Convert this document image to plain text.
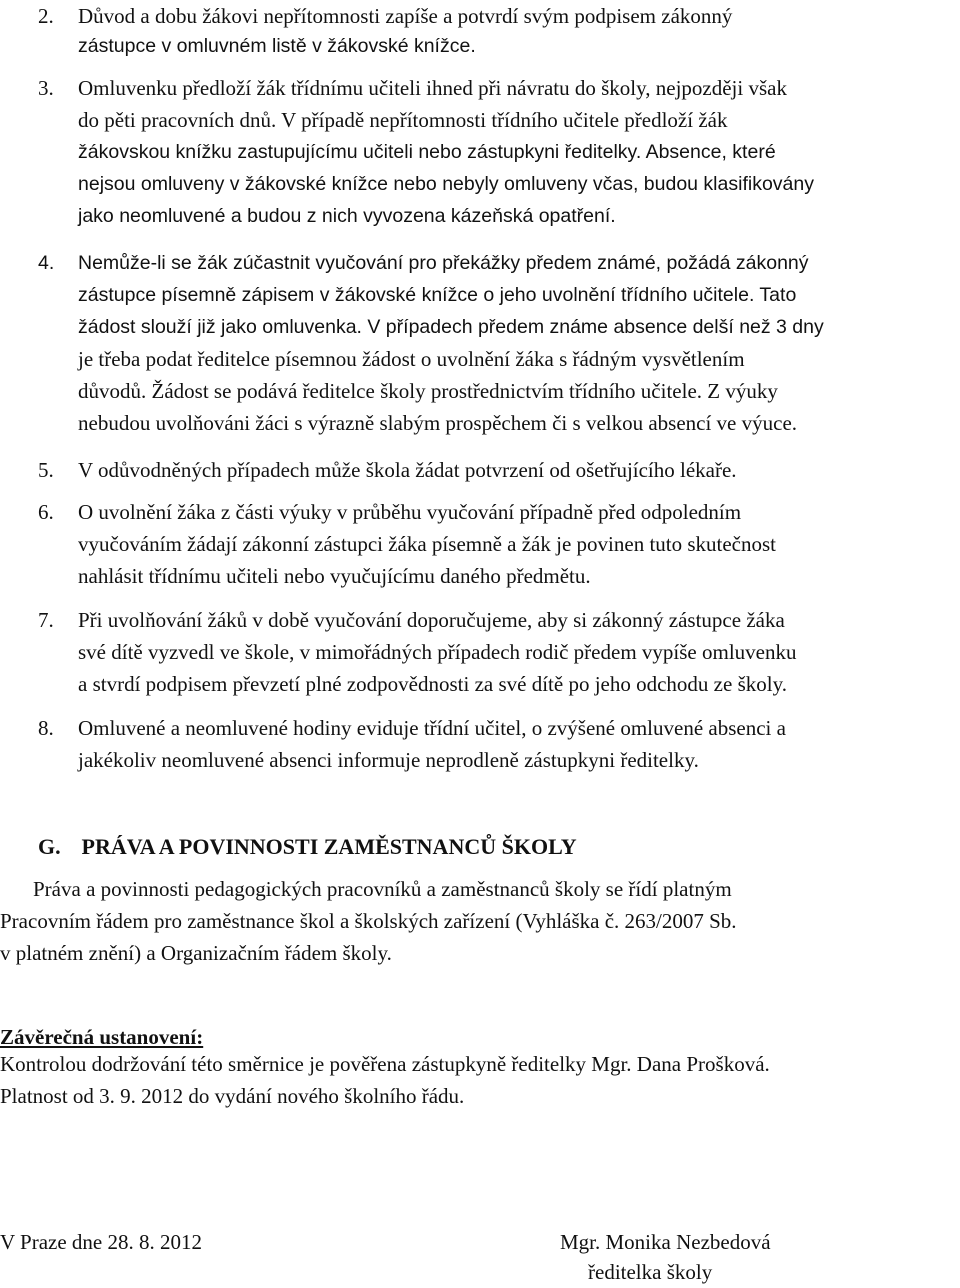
2.	Důvod a dobu žákovi nepřítomnosti zapíše a potvrdí svým podpisem zákonný
zástupce v omluvném listě v žákovské knížce.
3.	Omluvenku předloží žák třídnímu učiteli ihned při návratu do školy, nejpozději však
do pěti pracovních dnů. V případě nepřítomnosti třídního učitele předloží žák
žákovskou knížku zastupujícímu učiteli nebo zástupkyni ředitelky. Absence, které
nejsou omluveny v žákovské knížce nebo nebyly omluveny včas, budou klasifikovány
jako neomluvené a budou z nich vyvozena kázeňská opatření.
4.	Nemůže-li se žák zúčastnit vyučování pro překážky předem známé, požádá zákonný
zástupce písemně zápisem v žákovské knížce o jeho uvolnění třídního učitele. Tato
žádost slouží již jako omluvenka. V případech předem známe absence delší než 3 dny
je třeba podat ředitelce písemnou žádost o uvolnění žáka s řádným vysvětlením
důvodů. Žádost se podává ředitelce školy prostřednictvím třídního učitele. Z výuky
nebudou uvolňováni žáci s výrazně slabým prospěchem či s velkou absencí ve výuce.
5.	V odůvodněných případech může škola žádat potvrzení od ošetřujícího lékaře.
6.	O uvolnění žáka z části výuky v průběhu vyučování případně před odpoledním
vyučováním žádají zákonní zástupci žáka písemně a žák je povinen tuto skutečnost
nahlásit třídnímu učiteli nebo vyučujícímu daného předmětu.
7.	Při uvolňování žáků v době vyučování doporučujeme, aby si zákonný zástupce žáka
své dítě vyzvedl ve škole, v mimořádných případech rodič předem vypíše omluvenku
a stvrdí podpisem převzetí plné zodpovědnosti za své dítě po jeho odchodu ze školy.
8.	Omluvené a neomluvené hodiny eviduje třídní učitel, o zvýšené omluvené absenci a
jakékoliv neomluvené absenci informuje neprodleně zástupkyni ředitelky.
G. PRÁVA A POVINNOSTI ZAMĚSTNANCŮ ŠKOLY
Práva a povinnosti pedagogických pracovníků a zaměstnanců školy se řídí platným
Pracovním řádem pro zaměstnance škol a školských zařízení (Vyhláška č. 263/2007 Sb.
v platném znění) a Organizačním řádem školy.
Závěrečná ustanovení:
Kontrolou dodržování této směrnice je pověřena zástupkyně ředitelky Mgr. Dana Prošková.
Platnost od 3. 9. 2012 do vydání nového školního řádu.
V Praze dne 28. 8. 2012	Mgr. Monika Nezbedová
ředitelka školy
